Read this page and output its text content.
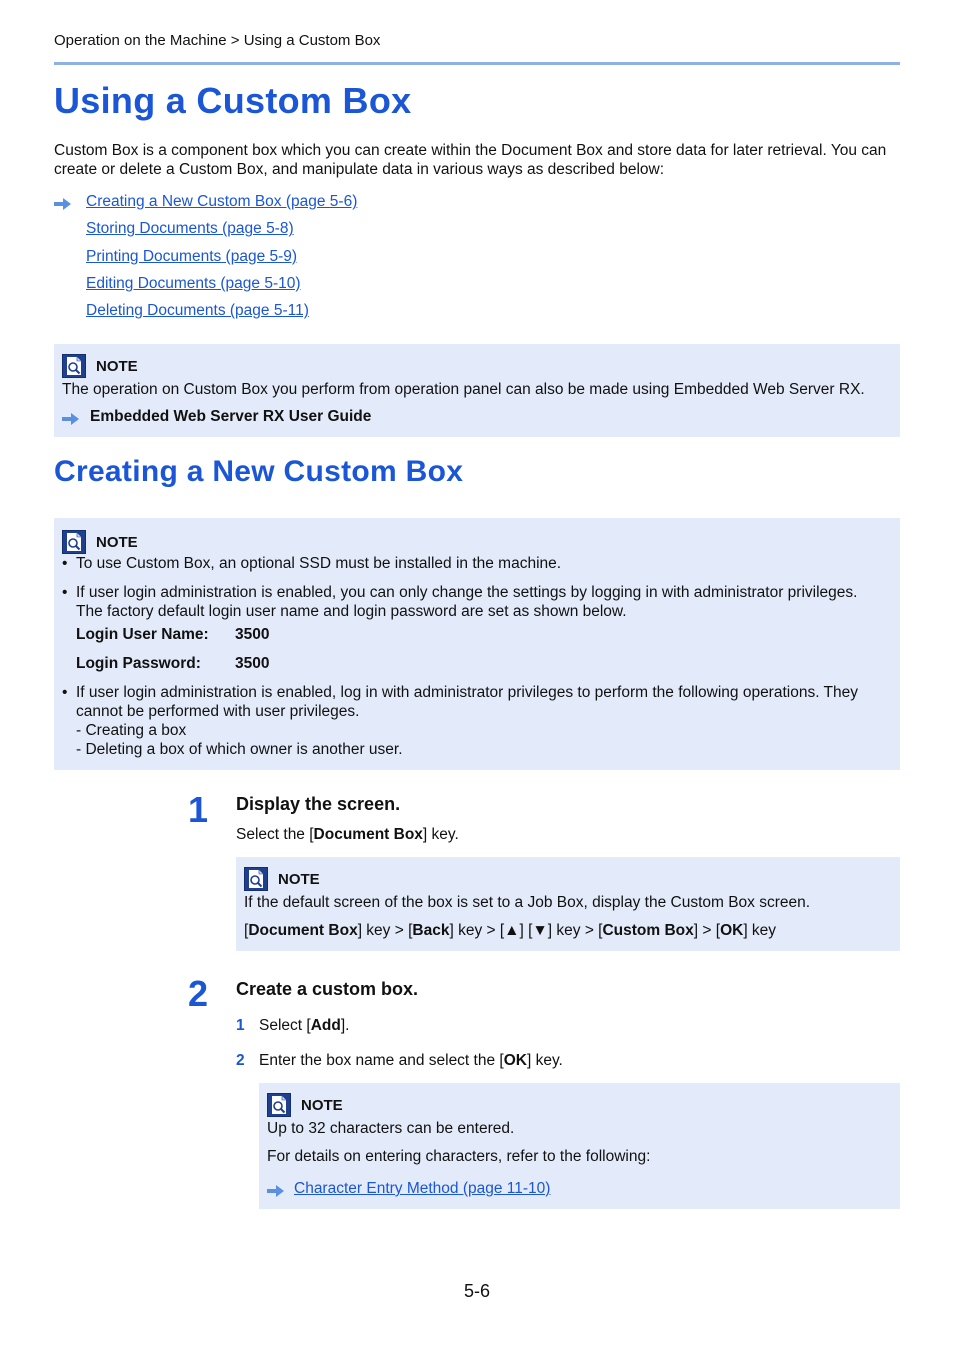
Operation on the Machine > Using a Custom Box
Using a Custom Box
Custom Box is a component box which you can create within the Document Box and store data for later retrieval. You can create or delete a Custom Box, and manipulate data in various ways as described below:
Creating a New Custom Box (page 5-6)
Storing Documents (page 5-8)
Printing Documents (page 5-9)
Editing Documents (page 5-10)
Deleting Documents (page 5-11)
NOTE
The operation on Custom Box you perform from operation panel can also be made using Embedded Web Server RX.
Embedded Web Server RX User Guide
Creating a New Custom Box
NOTE
• To use Custom Box, an optional SSD must be installed in the machine.
• If user login administration is enabled, you can only change the settings by logging in with administrator privileges.
The factory default login user name and login password are set as shown below.
Login User Name: 3500
Login Password: 3500
• If user login administration is enabled, log in with administrator privileges to perform the following operations. They
cannot be performed with user privileges.
- Creating a box
- Deleting a box of which owner is another user.
1 Display the screen.
Select the [Document Box] key.
NOTE
If the default screen of the box is set to a Job Box, display the Custom Box screen.
[Document Box] key > [Back] key > [▲] [▼] key > [Custom Box] > [OK] key
2 Create a custom box.
1 Select [Add].
2 Enter the box name and select the [OK] key.
NOTE
Up to 32 characters can be entered.
For details on entering characters, refer to the following:
Character Entry Method (page 11-10)
5-6
